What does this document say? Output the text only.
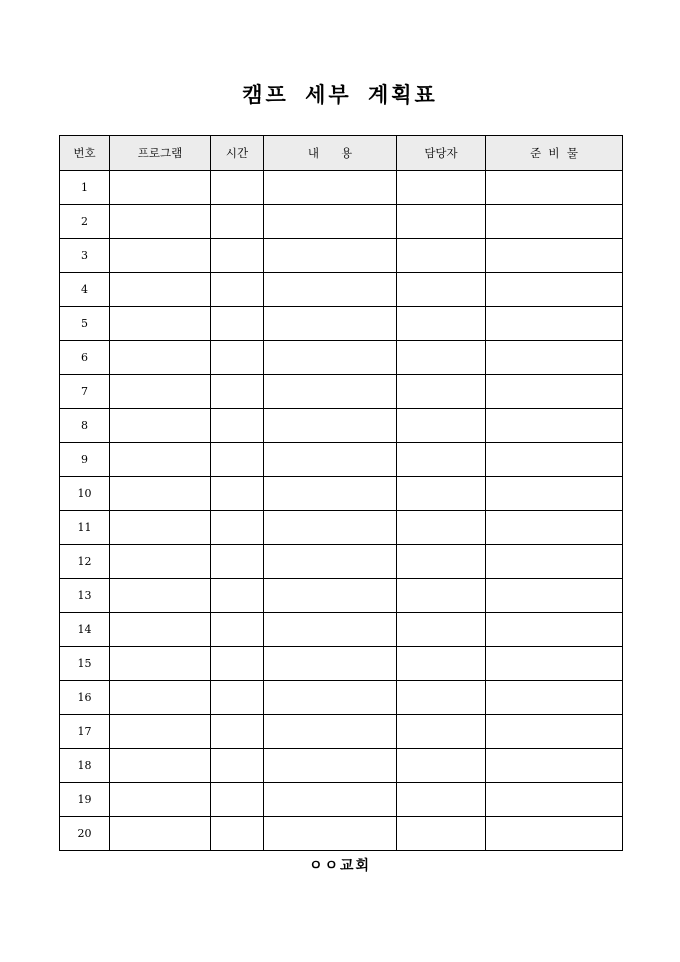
캠프 세부 계획표
번호	프로그램	시간	내      용	담당자	준  비  물
1					
2					
3					
4					
5					
6					
7					
8					
9					
10					
11					
12					
13					
14					
15					
16					
17					
18					
19					
20					
ㅇㅇ교회
